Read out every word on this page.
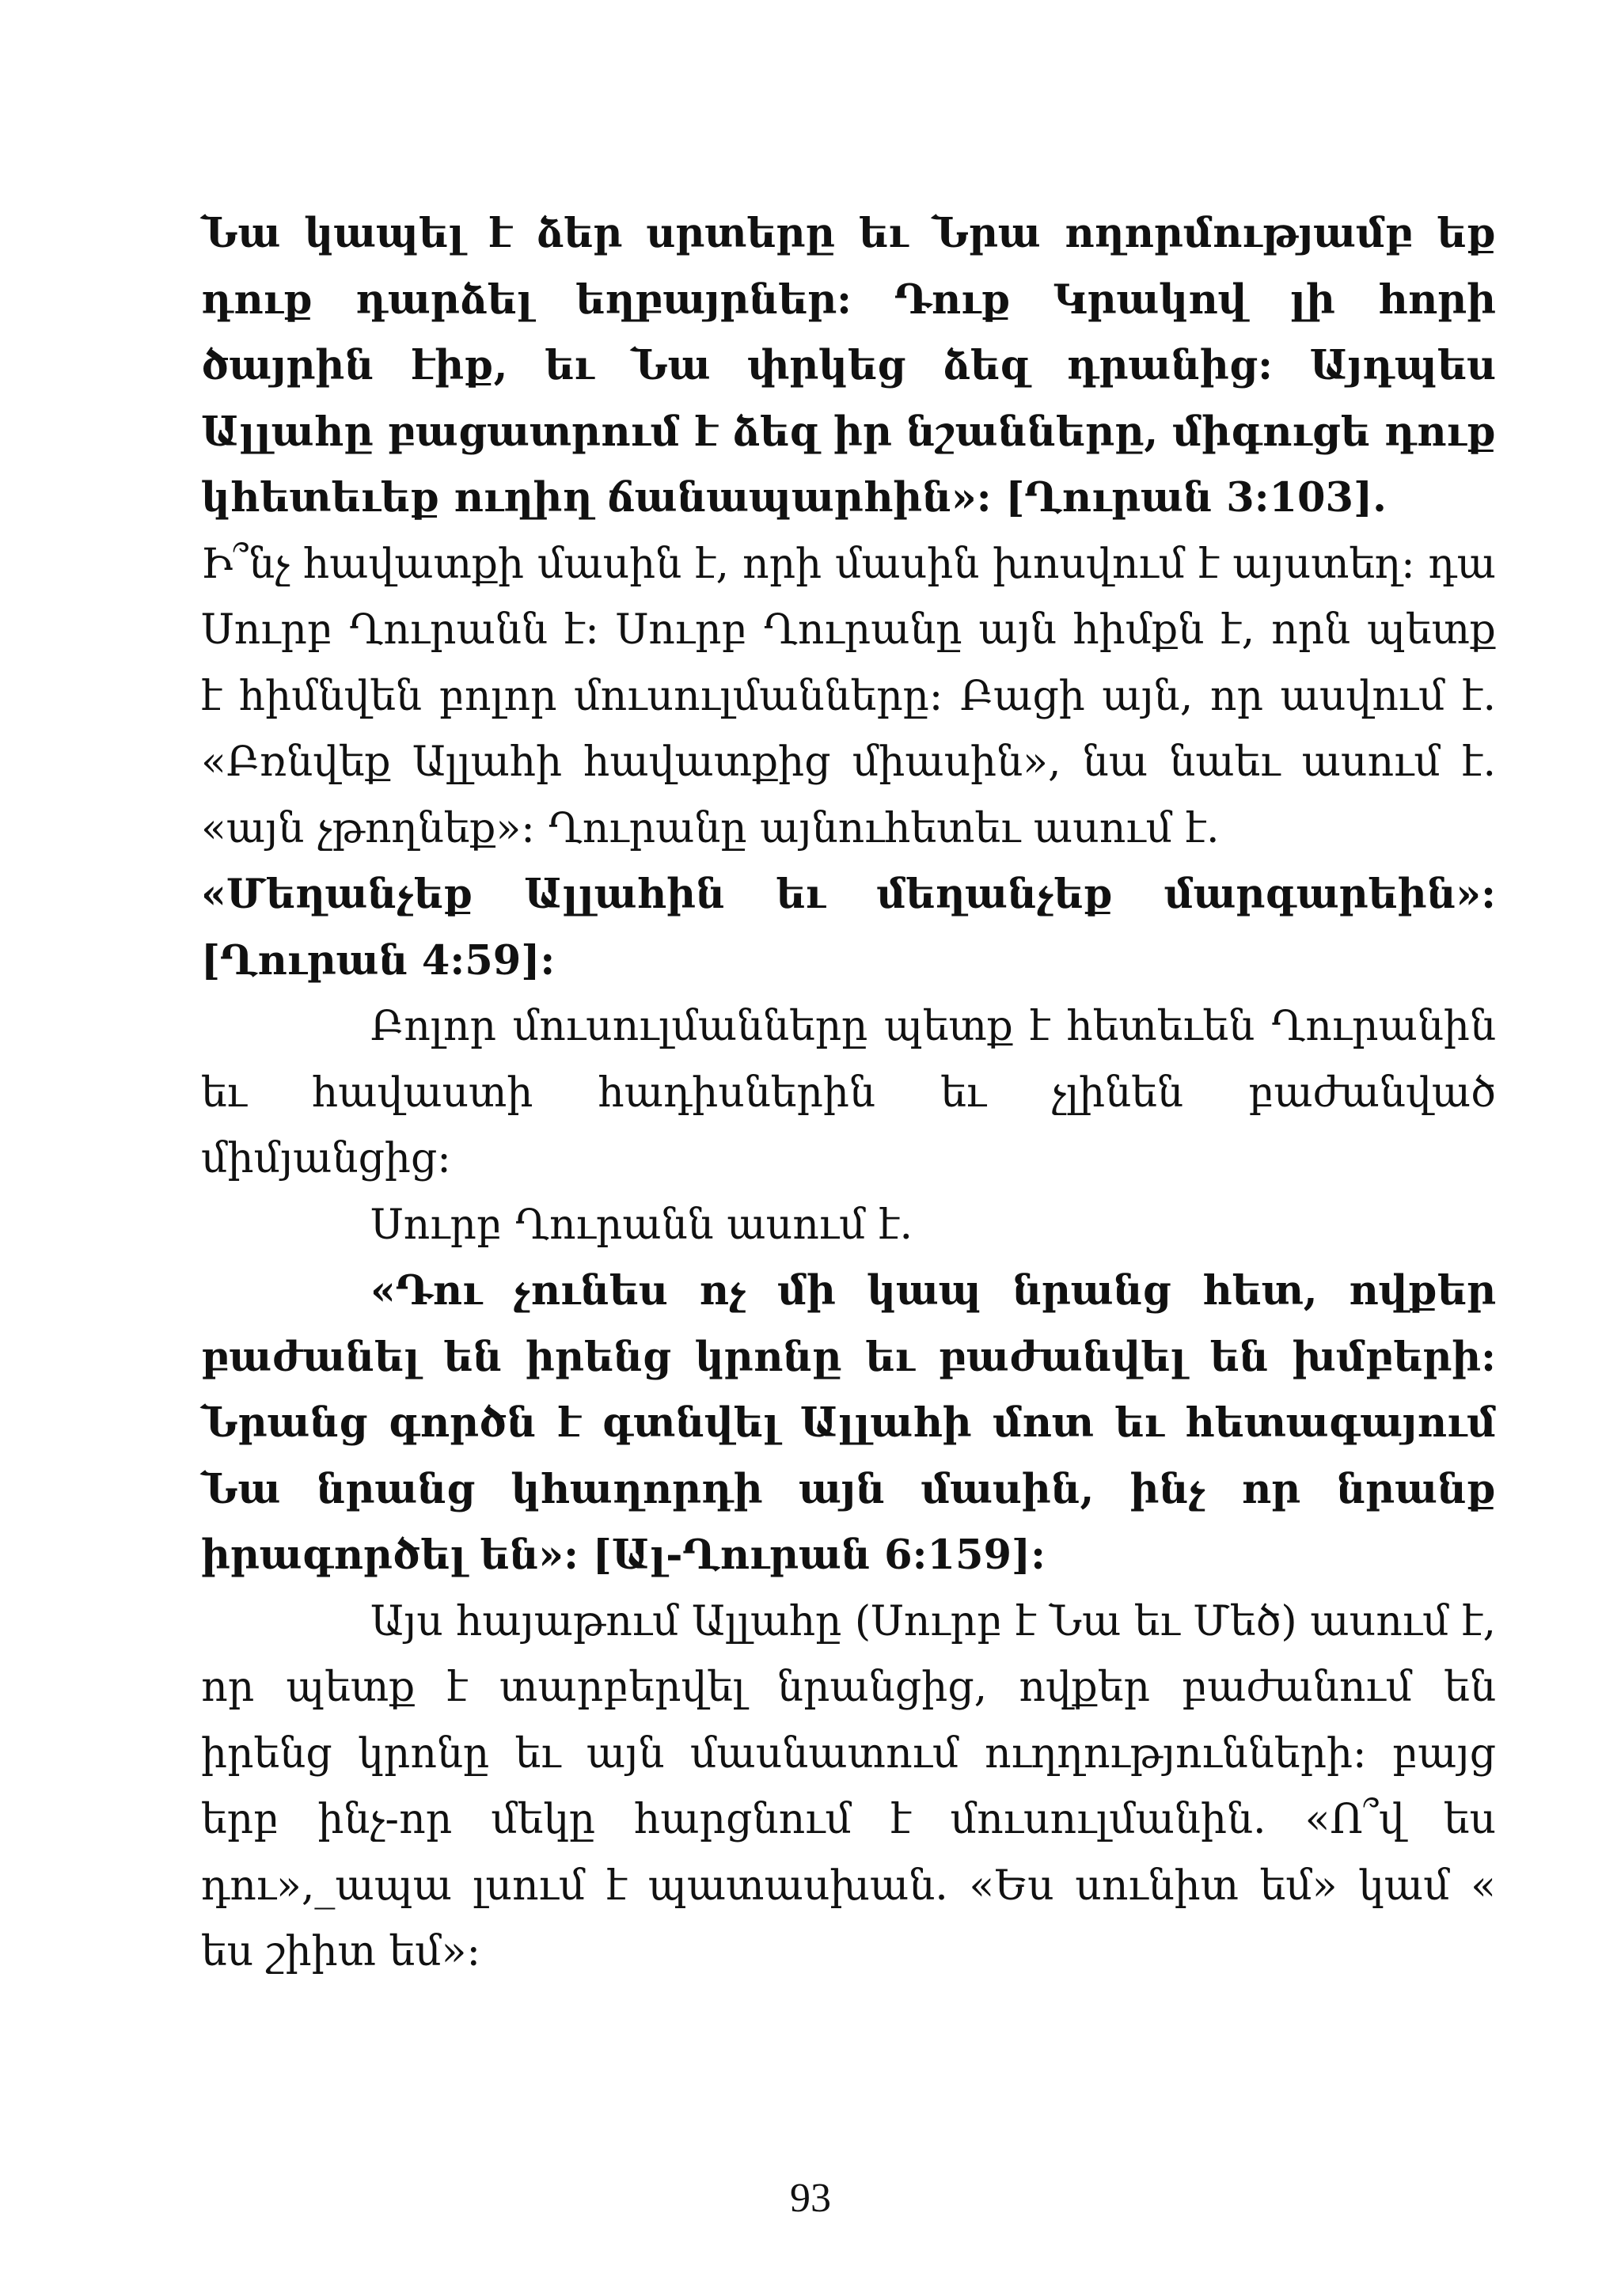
Նա կապել է ձեր սրտերը եւ Նրա ողորմությամբ եք դուք դարձել եղբայրներ: Դուք Կրակով լի հորի ծայրին էիք, եւ Նա փրկեց ձեզ դրանից: Այդպես Ալլահը բացատրում է ձեզ իր նշանները, միգուցե դուք կհետեւեք ուղիղ ճանապարհին»: [Ղուրան 3:103].

Ի՞նչ հավատքի մասին է, որի մասին խոսվում է այստեղ: դա Սուրբ Ղուրանն է: Սուրբ Ղուրանը այն հիմքն է, որն պետք է հիմնվեն բոլոր մուսուլմանները: Բացի այն, որ ասվում է. «Բռնվեք Ալլահի հավատքից միասին», նա նաեւ ասում է. «այն չթողնեք»: Ղուրանը այնուհետեւ ասում է.

«Մեղանչեք Ալլահին եւ մեղանչեք մարգարեին»: [Ղուրան 4:59]:

Բոլոր մուսուլմանները պետք է հետեւեն Ղուրանին եւ հավաստի հադիսներին եւ չլինեն բաժանված միմյանցից:

Սուրբ Ղուրանն ասում է.

«Դու չունես ոչ մի կապ նրանց հետ, ովքեր բաժանել են իրենց կրոնը եւ բաժանվել են խմբերի: Նրանց գործն է գտնվել Ալլահի մոտ եւ հետագայում Նա նրանց կհաղորդի այն մասին, ինչ որ նրանք իրագործել են»: [Ալ-Ղուրան 6:159]:

Այս հայաթում Ալլահը (Սուրբ է Նա եւ Մեծ) ասում է, որ պետք է տարբերվել նրանցից, ովքեր բաժանում են իրենց կրոնը եւ այն մասնատում ուղղությունների: բայց երբ ինչ-որ մեկը հարցնում է մուսուլմանին. «Ո՞վ ես դու»,_ապա լսում է պատասխան. «Ես սունիտ եմ» կամ « ես շիիտ եմ»:

93
